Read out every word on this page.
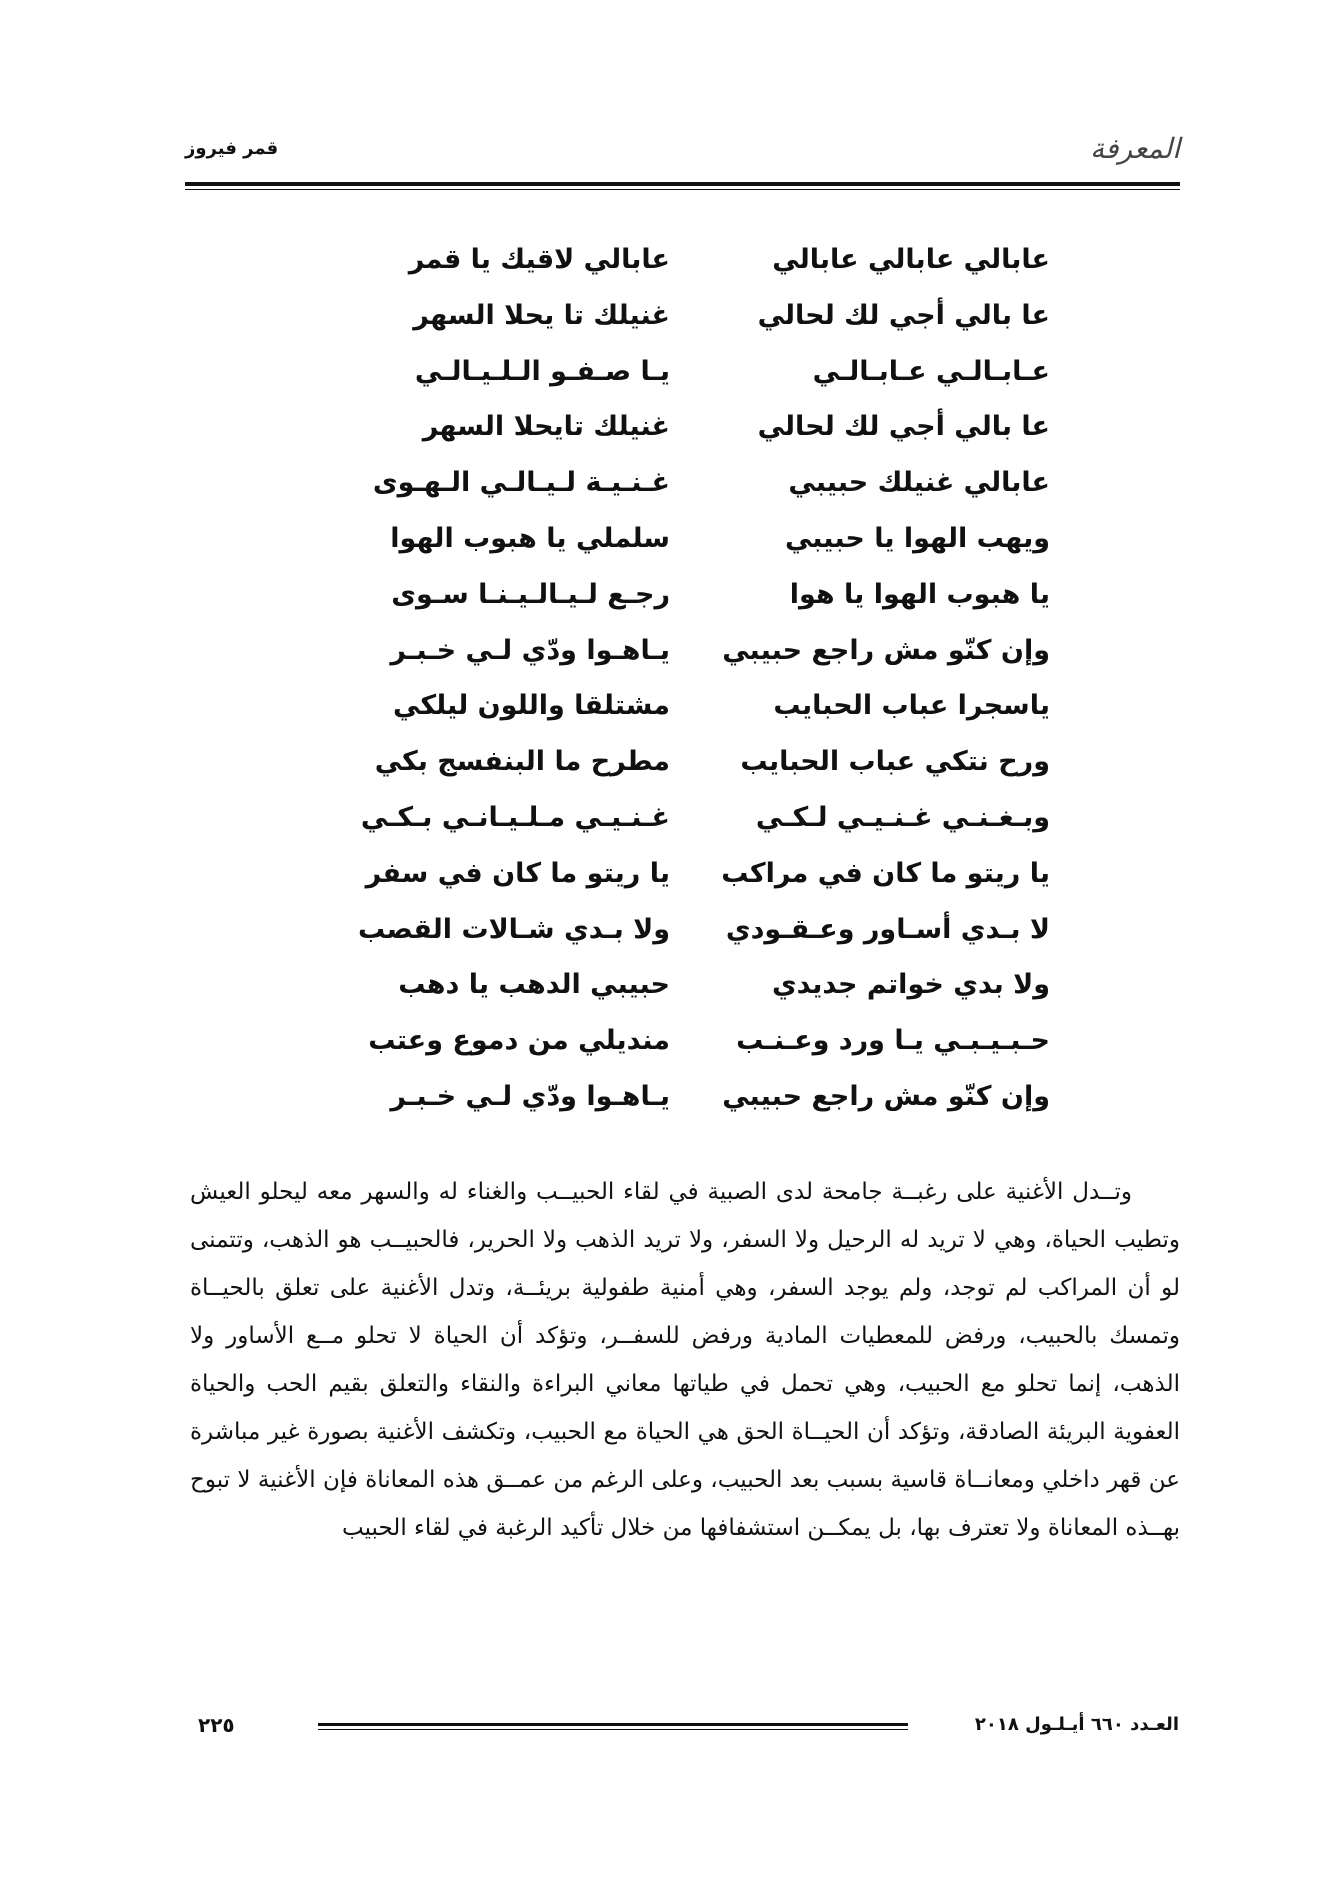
المعرفة
قمر فيروز
عابالي عابالي عابالي
عابالي لاقيك يا قمر
عا بالي أجي لك لحالي
غنيلك تا يحلا السهر
عـابـالـي عـابـالـي
يـا صـفـو الـلـيـالـي
عا بالي أجي لك لحالي
غنيلك تايحلا السهر
عابالي غنيلك حبيبي
غـنـيـة لـيـالـي الـهـوى
ويهب الهوا يا حبيبي
سلملي يا هبوب الهوا
يا هبوب الهوا يا هوا
رجـع لـيـالـيـنـا سـوى
وإن كنّو مش راجع حبيبي
يـاهـوا ودّي لـي خـبـر
ياسجرا عباب الحبايب
مشتلقا واللون ليلكي
ورح نتكي عباب الحبايب
مطرح ما البنفسج بكي
وبـغـنـي غـنـيـي لـكـي
غـنـيـي مـلـيـانـي بـكـي
يا ريتو ما كان في مراكب
يا ريتو ما كان في سفر
لا بـدي أسـاور وعـقـودي
ولا بـدي شـالات القصب
ولا بدي خواتم جديدي
حبيبي الدهب يا دهب
حـبـيـبـي يـا ورد وعـنـب
منديلي من دموع وعتب
وإن كنّو مش راجع حبيبي
يـاهـوا ودّي لـي خـبـر

وتــدل الأغنية على رغبــة جامحة لدى الصبية في لقاء الحبيــب والغناء له والسهر معه ليحلو العيش وتطيب الحياة، وهي لا تريد له الرحيل ولا السفر، ولا تريد الذهب ولا الحرير، فالحبيــب هو الذهب، وتتمنى لو أن المراكب لم توجد، ولم يوجد السفر، وهي أمنية طفولية بريئــة، وتدل الأغنية على تعلق بالحيــاة وتمسك بالحبيب، ورفض للمعطيات المادية ورفض للسفــر، وتؤكد أن الحياة لا تحلو مــع الأساور ولا الذهب، إنما تحلو مع الحبيب، وهي تحمل في طياتها معاني البراءة والنقاء والتعلق بقيم الحب والحياة العفوية البريئة الصادقة، وتؤكد أن الحيــاة الحق هي الحياة مع الحبيب، وتكشف الأغنية بصورة غير مباشرة عن قهر داخلي ومعانــاة قاسية بسبب بعد الحبيب، وعلى الرغم من عمــق هذه المعاناة فإن الأغنية لا تبوح بهــذه المعاناة ولا تعترف بها، بل يمكــن استشفافها من خلال تأكيد الرغبة في لقاء الحبيب

٢٢٥	العـدد ٦٦٠ أيـلـول ٢٠١٨
